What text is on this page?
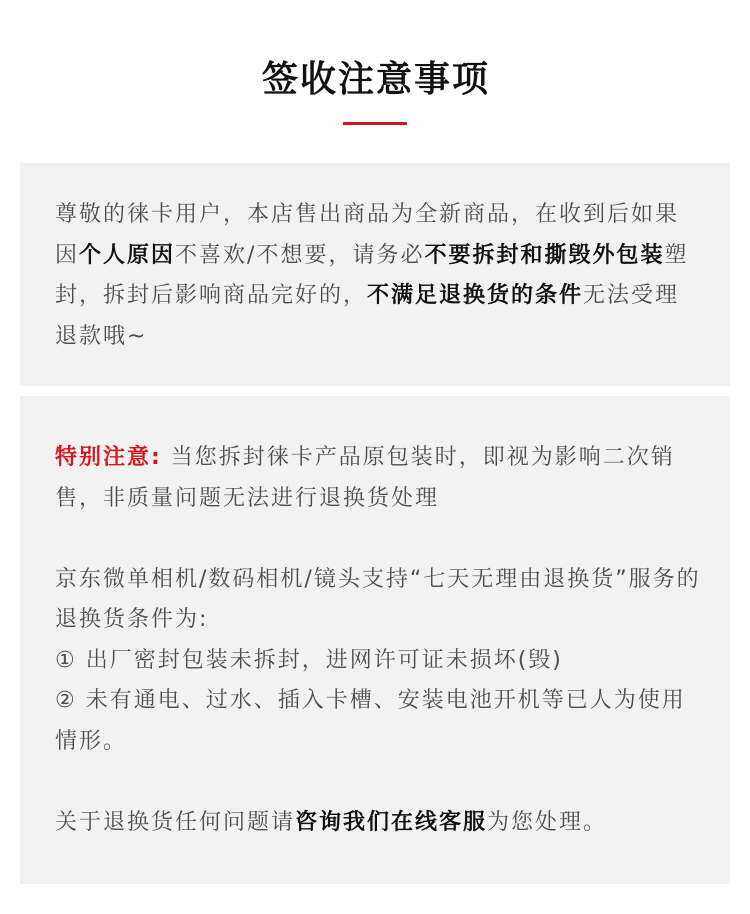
签收注意事项
尊敬的徕卡用户，本店售出商品为全新商品，在收到后如果
因 个人原因 不喜欢/不想要，请务必 不要拆封和撕毁外包装 塑
封，拆封后影响商品完好的， 不满足退换货的条件 无法受理
退款哦~
特别注意: 当您拆封徕卡产品原包装时，即视为影响二次销
售，非质量问题无法进行退换货处理
京东微单相机/数码相机/镜头支持“七天无理由退换货”服务的
退换货条件为:
① 出厂密封包装未拆封，进网许可证未损坏(毁)
② 未有通电、过水、插入卡槽、安装电池开机等已人为使用
情形。
关于退换货任何问题请 咨询我们在线客服 为您处理。
